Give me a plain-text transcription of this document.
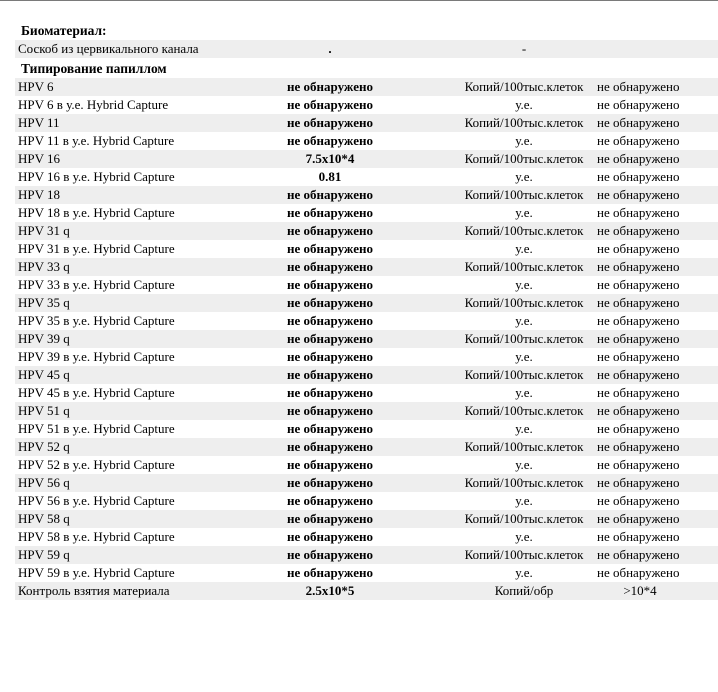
Биоматериал:
Соскоб из цервикального канала	.	-
Типирование папиллом
HPV 6	не обнаружено	Копий/100тыс.клеток	не обнаружено
HPV 6 в у.е. Hybrid Capture	не обнаружено	у.е.	не обнаружено
HPV 11	не обнаружено	Копий/100тыс.клеток	не обнаружено
HPV 11 в у.е. Hybrid Capture	не обнаружено	у.е.	не обнаружено
HPV 16	7.5x10*4	Копий/100тыс.клеток	не обнаружено
HPV 16 в у.е. Hybrid Capture	0.81	у.е.	не обнаружено
HPV 18	не обнаружено	Копий/100тыс.клеток	не обнаружено
HPV 18 в у.е. Hybrid Capture	не обнаружено	у.е.	не обнаружено
HPV 31 q	не обнаружено	Копий/100тыс.клеток	не обнаружено
HPV 31 в у.е. Hybrid Capture	не обнаружено	у.е.	не обнаружено
HPV 33 q	не обнаружено	Копий/100тыс.клеток	не обнаружено
HPV 33 в у.е. Hybrid Capture	не обнаружено	у.е.	не обнаружено
HPV 35 q	не обнаружено	Копий/100тыс.клеток	не обнаружено
HPV 35 в у.е. Hybrid Capture	не обнаружено	у.е.	не обнаружено
HPV 39 q	не обнаружено	Копий/100тыс.клеток	не обнаружено
HPV 39 в у.е. Hybrid Capture	не обнаружено	у.е.	не обнаружено
HPV 45 q	не обнаружено	Копий/100тыс.клеток	не обнаружено
HPV 45 в у.е. Hybrid Capture	не обнаружено	у.е.	не обнаружено
HPV 51 q	не обнаружено	Копий/100тыс.клеток	не обнаружено
HPV 51 в у.е. Hybrid Capture	не обнаружено	у.е.	не обнаружено
HPV 52 q	не обнаружено	Копий/100тыс.клеток	не обнаружено
HPV 52 в у.е. Hybrid Capture	не обнаружено	у.е.	не обнаружено
HPV 56 q	не обнаружено	Копий/100тыс.клеток	не обнаружено
HPV 56 в у.е. Hybrid Capture	не обнаружено	у.е.	не обнаружено
HPV 58 q	не обнаружено	Копий/100тыс.клеток	не обнаружено
HPV 58 в у.е. Hybrid Capture	не обнаружено	у.е.	не обнаружено
HPV 59 q	не обнаружено	Копий/100тыс.клеток	не обнаружено
HPV 59 в у.е. Hybrid Capture	не обнаружено	у.е.	не обнаружено
Контроль взятия материала	2.5x10*5	Копий/обр	>10*4
